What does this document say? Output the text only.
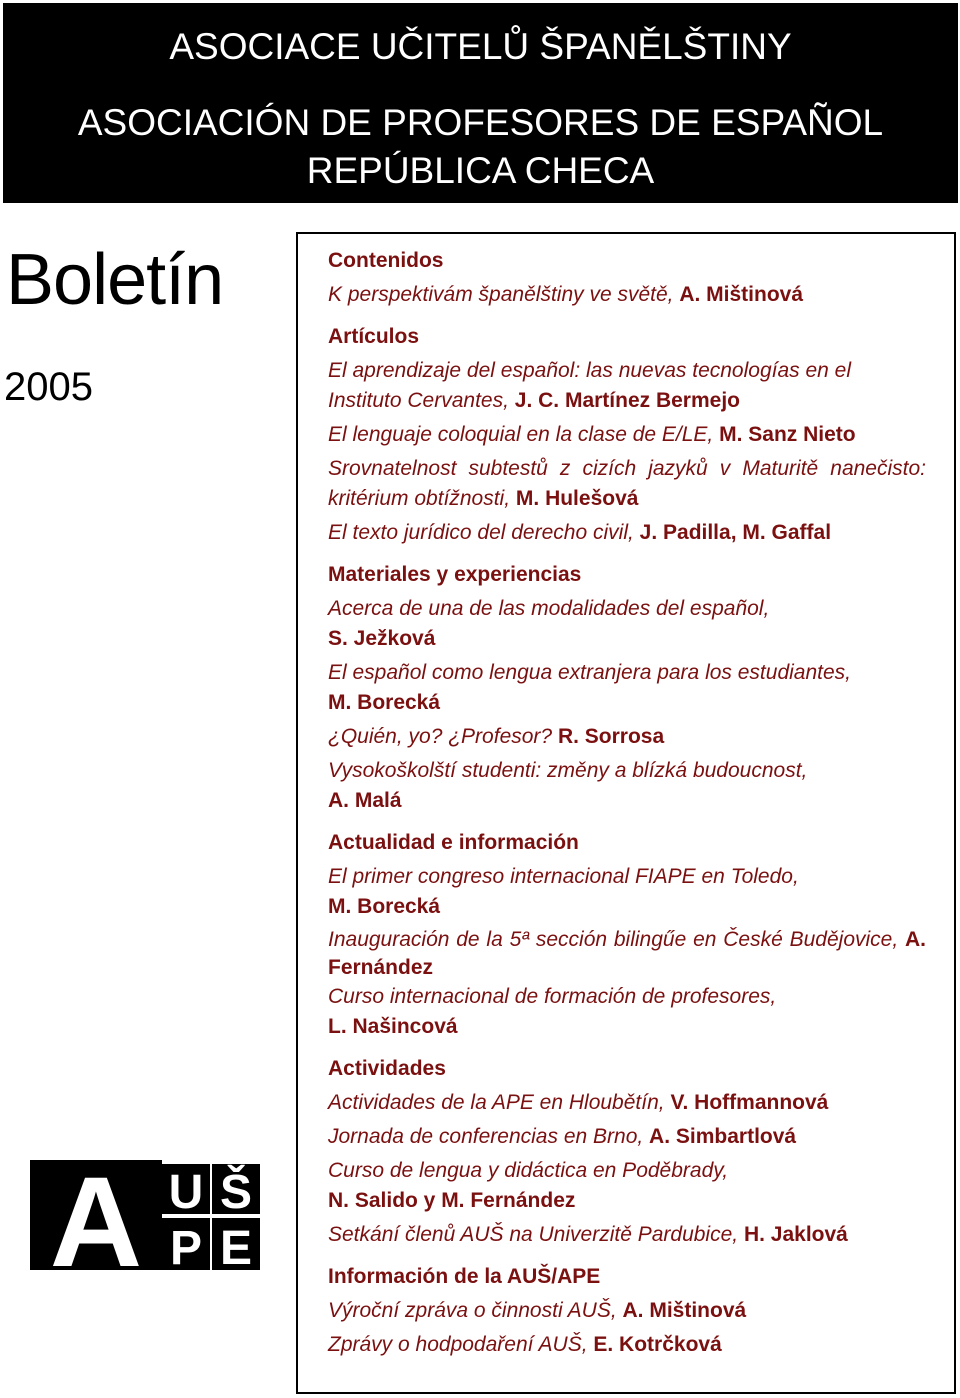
ASOCIACE UČITELŮ ŠPANĚLŠTINY
ASOCIACIÓN DE PROFESORES DE ESPAÑOL
REPÚBLICA CHECA
Boletín
2005
A U Š
P E
Contenidos
K perspektivám španělštiny ve světě, A. Mištinová
Artículos
El aprendizaje del español: las nuevas tecnologías en el Instituto Cervantes, J. C. Martínez Bermejo
El lenguaje coloquial en la clase de E/LE, M. Sanz Nieto
Srovnatelnost subtestů z cizích jazyků v Maturitě nanečisto: kritérium obtížnosti, M. Hulešová
El texto jurídico del derecho civil, J. Padilla, M. Gaffal
Materiales y experiencias
Acerca de una de las modalidades del español,
S. Ježková
El español como lengua extranjera para los estudiantes,
M. Borecká
¿Quién, yo? ¿Profesor? R. Sorrosa
Vysokoškolští studenti: změny a blízká budoucnost,
A. Malá
Actualidad e información
El primer congreso internacional FIAPE en Toledo,
M. Borecká
Inauguración de la 5ª sección bilingűe en České Budějovice, A. Fernández
Curso internacional de formación de profesores,
L. Našincová
Actividades
Actividades de la APE en Hloubětín, V. Hoffmannová
Jornada de conferencias en Brno, A. Simbartlová
Curso de lengua y didáctica en Poděbrady,
N. Salido y M. Fernández
Setkání členů AUŠ na Univerzitě Pardubice, H. Jaklová
Información de la AUŠ/APE
Výroční zpráva o činnosti AUŠ, A. Mištinová
Zprávy o hodpodaření AUŠ, E. Kotrčková
